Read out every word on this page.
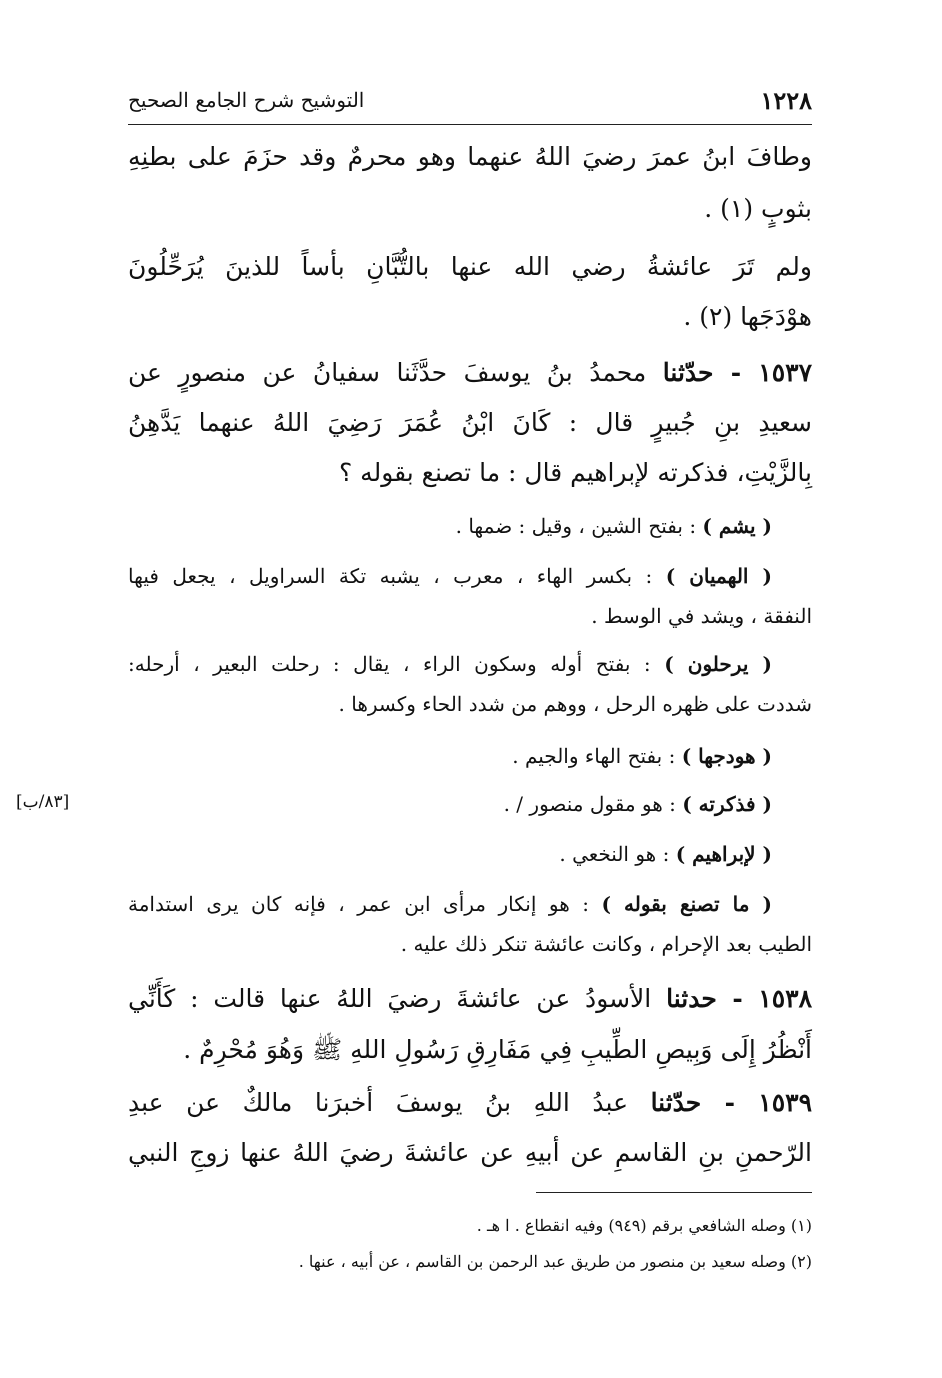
١٢٢٨
التوشيح شرح الجامع الصحيح
وطافَ ابنُ عمرَ رضيَ اللهُ عنهما وهو محرمٌ وقد حزَمَ على بطنِهِ
بثوبٍ (١) .
ولم تَرَ عائشةُ رضي الله عنها بالتُّبَّانِ بأساً للذينَ يُرَحِّلُونَ
هوْدَجَها (٢) .
١٥٣٧ - حدّثنا محمدُ بنُ يوسفَ حدَّثَنا سفيانُ عن منصورٍ عن
سعيدِ بنِ جُبيرٍ قال : كَانَ ابْنُ عُمَرَ رَضِيَ اللهُ عنهما يَدَّهِنُ
بِالزَّيْتِ، فذكرته لإبراهيم قال : ما تصنع بقوله ؟
( يشم ) : بفتح الشين ، وقيل : ضمها .
( الهميان ) : بكسر الهاء ، معرب ، يشبه تكة السراويل ، يجعل فيها
النفقة ، ويشد في الوسط .
( يرحلون ) : بفتح أوله وسكون الراء ، يقال : رحلت البعير ، أرحله:
شددت على ظهره الرحل ، ووهم من شدد الحاء وكسرها .
( هودجها ) : بفتح الهاء والجيم .
( فذكرته ) : هو مقول منصور / .
[٨٣/ب]
( لإبراهيم ) : هو النخعي .
( ما تصنع بقوله ) : هو إنكار مرأى ابن عمر ، فإنه كان يرى استدامة
الطيب بعد الإحرام ، وكانت عائشة تنكر ذلك عليه .
١٥٣٨ - حدثنا الأسودُ عن عائشةَ رضيَ اللهُ عنها قالت : كَأَنِّي
أَنْظُرُ إِلَى وَبِيصِ الطِّيبِ فِي مَفَارِقِ رَسُولِ اللهِ ﷺ وَهُوَ مُحْرِمٌ .
١٥٣٩ - حدّثنا عبدُ اللهِ بنُ يوسفَ أخبرَنا مالكٌ عن عبدِ
الرّحمنِ بنِ القاسمِ عن أبيهِ عن عائشةَ رضيَ اللهُ عنها زوجِ النبي
(١) وصله الشافعي برقم (٩٤٩) وفيه انقطاع . ا هـ .
(٢) وصله سعيد بن منصور من طريق عبد الرحمن بن القاسم ، عن أبيه ، عنها .
